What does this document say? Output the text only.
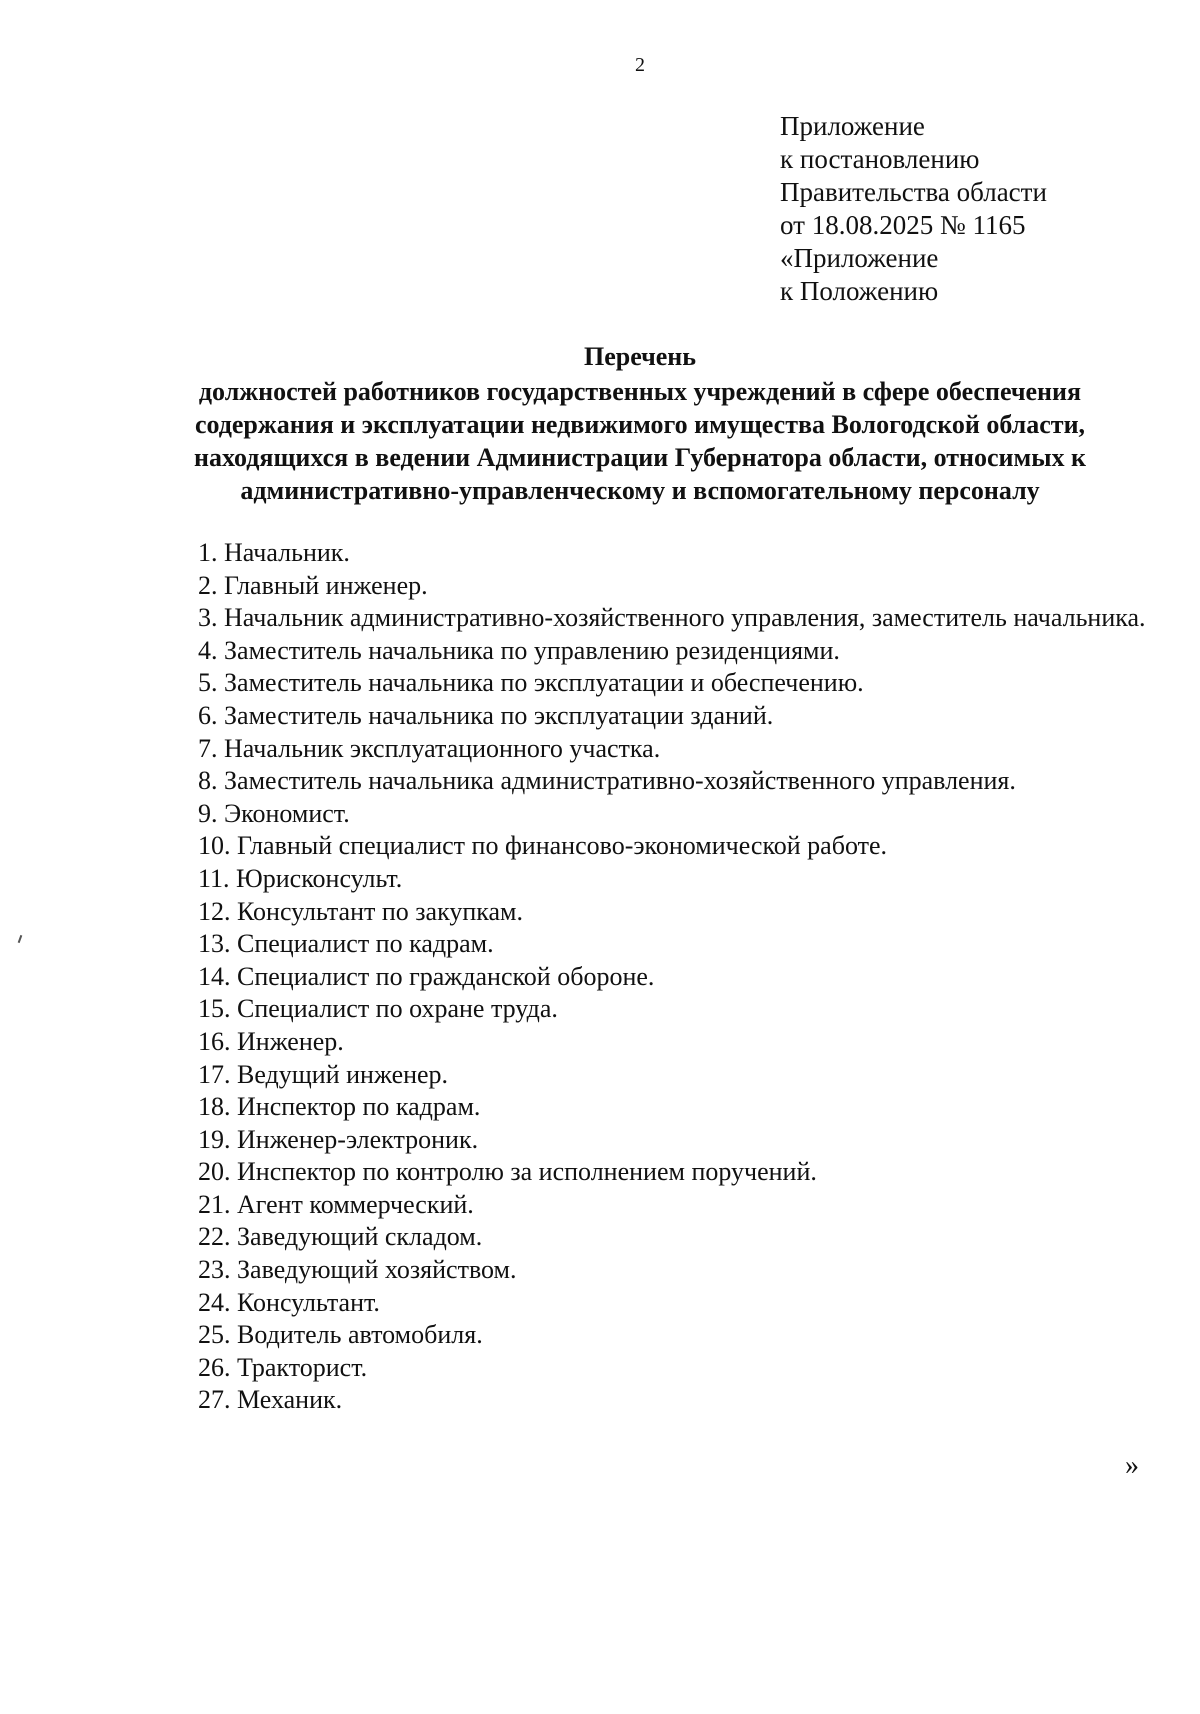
2
Приложение
к постановлению
Правительства области
от 18.08.2025 № 1165
«Приложение
к Положению
Перечень
должностей работников государственных учреждений в сфере обеспечения
содержания и эксплуатации недвижимого имущества Вологодской области,
находящихся в ведении Администрации Губернатора области, относимых к
административно-управленческому и вспомогательному персоналу
1. Начальник.
2. Главный инженер.
3. Начальник административно-хозяйственного управления, заместитель начальника.
4. Заместитель начальника по управлению резиденциями.
5. Заместитель начальника по эксплуатации и обеспечению.
6. Заместитель начальника по эксплуатации зданий.
7. Начальник эксплуатационного участка.
8. Заместитель начальника административно-хозяйственного управления.
9. Экономист.
10. Главный специалист по финансово-экономической работе.
11. Юрисконсульт.
12. Консультант по закупкам.
13. Специалист по кадрам.
14. Специалист по гражданской обороне.
15. Специалист по охране труда.
16. Инженер.
17. Ведущий инженер.
18. Инспектор по кадрам.
19. Инженер-электроник.
20. Инспектор по контролю за исполнением поручений.
21. Агент коммерческий.
22. Заведующий складом.
23. Заведующий хозяйством.
24. Консультант.
25. Водитель автомобиля.
26. Тракторист.
27. Механик.
»
